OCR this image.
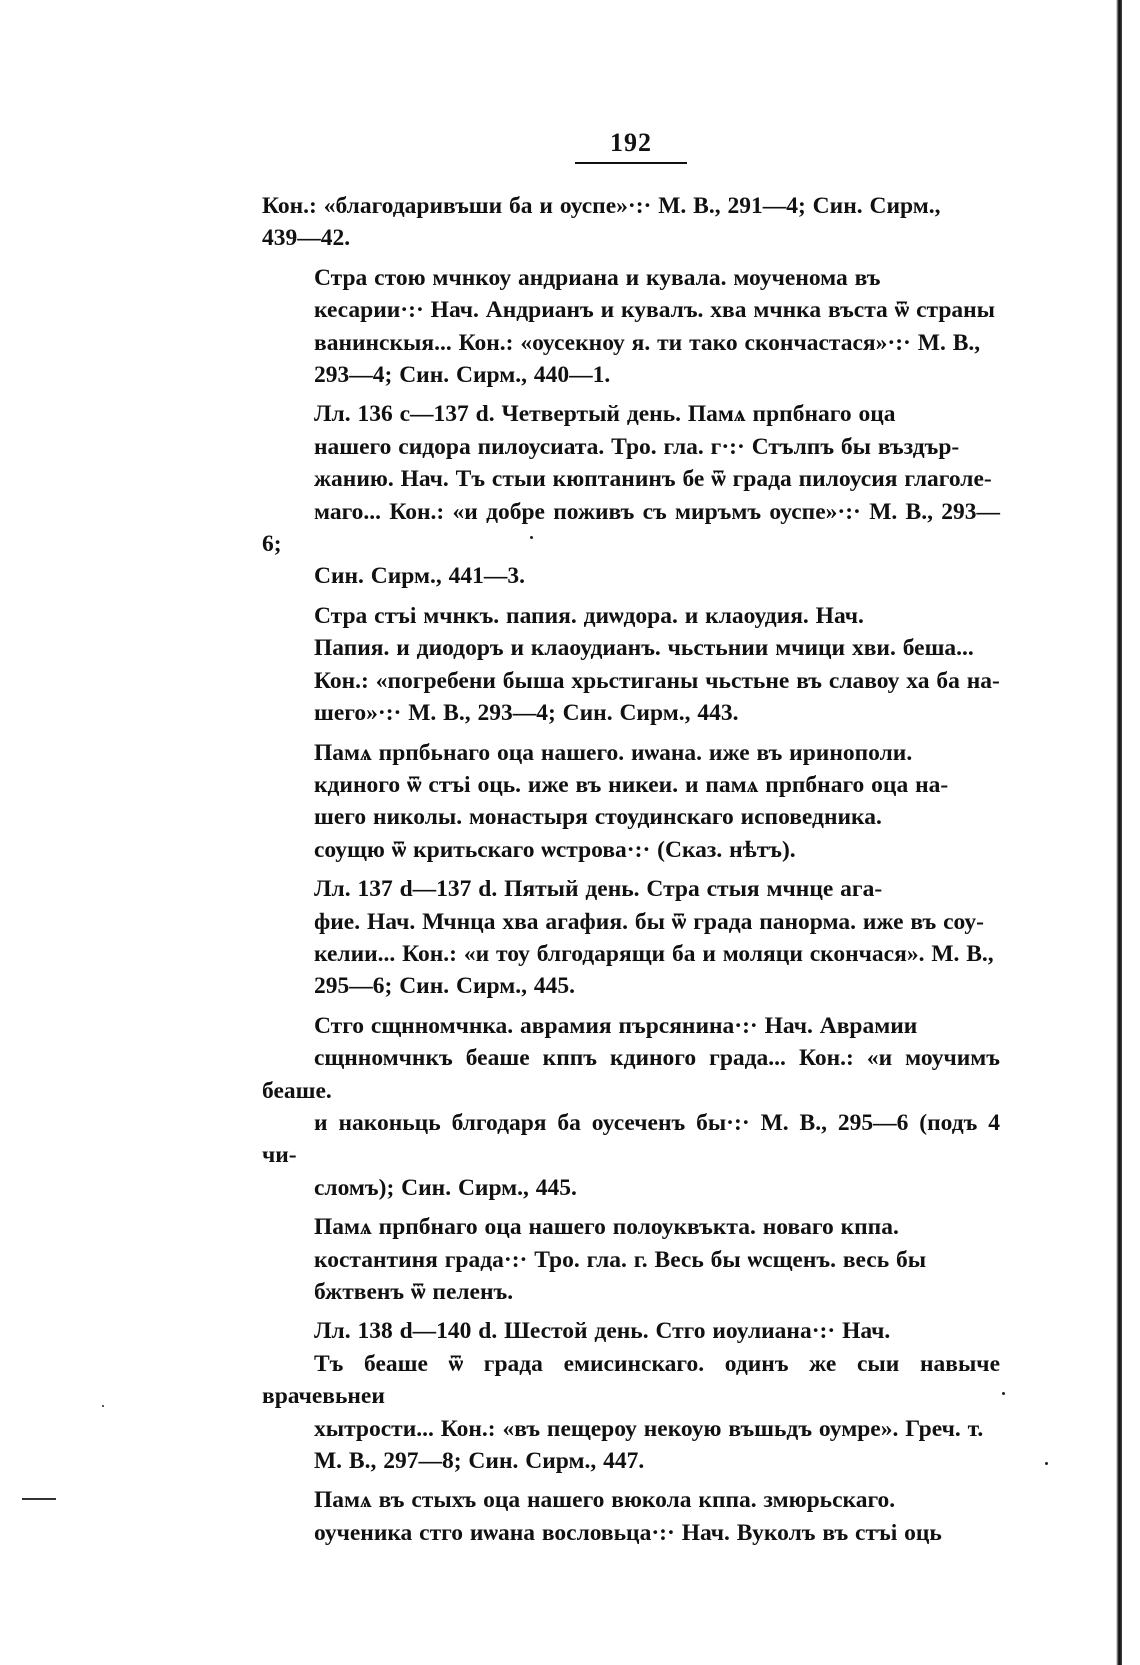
192

Кон.: «благодаривъши ба и оуспе»·:· М. В., 291—4; Син. Сирм.,
439—42.

Стра стою мчнкоу андриана и кувала. моученома въ
кесарии·:· Нач. Андрианъ и кувалъ. хва мчнка въста ѿ страны
ванинскыя... Кон.: «оусекноу я. ти тако скончастася»·:· М. В.,
293—4; Син. Сирм., 440—1.

Лл. 136 c—137 d. Четвертый день. Памѧ прпбнаго оца
нашего сидора пилоусиата. Тро. гла. г·:· Стълпъ бы въздър-
жанию. Нач. Тъ стыи кюптанинъ бе ѿ града пилоусия глаголе-
маго... Кон.: «и добре поживъ съ миръмъ оуспе»·:· М. В., 293—6;
Син. Сирм., 441—3.

Стра стъі мчнкъ. папия. диѡдора. и клаоудия. Нач.
Папия. и диодоръ и клаоудианъ. чьстьнии мчици хви. беша...
Кон.: «погребени быша хрьстиганы чьстьне въ славоу ха ба на-
шего»·:· М. В., 293—4; Син. Сирм., 443.

Памѧ прпбьнаго оца нашего. иѡана. иже въ иринополи.
кдиного ѿ стъі оць. иже въ никеи. и памѧ прпбнаго оца на-
шего николы. монастыря стоудинскаго исповедника.
соущю ѿ критьскаго ѡстрова·:· (Сказ. нѣтъ).

Лл. 137 d—137 d. Пятый день. Стра стыя мчнце ага-
фие. Нач. Мчнца хва агафия. бы ѿ града панорма. иже въ соу-
келии... Кон.: «и тоу блгодарящи ба и моляци скончася». М. В.,
295—6; Син. Сирм., 445.

Стго сщнномчнка. аврамия пърсянина·:· Нач. Аврамии
сщнномчнкъ беаше кппъ кдиного града... Кон.: «и моучимъ беаше.
и наконьць блгодаря ба оусеченъ бы·:· М. В., 295—6 (подъ 4 чи-
сломъ); Син. Сирм., 445.

Памѧ прпбнаго оца нашего полоуквъкта. новаго кппа.
костантиня града·:· Тро. гла. г. Весь бы ѡсщенъ. весь бы
бжтвенъ ѿ пеленъ.

Лл. 138 d—140 d. Шестой день. Стго иоулиана·:· Нач.
Тъ беаше ѿ града емисинскаго. одинъ же сыи навыче врачевьнеи
хытрости... Кон.: «въ пещероу некоую въшьдъ оумре». Греч. т.
М. В., 297—8; Син. Сирм., 447.

Памѧ въ стыхъ оца нашего вюкола кппа. змюрьскаго.
оученика стго иѡана вословьца·:· Нач. Вуколъ въ стъі оць
